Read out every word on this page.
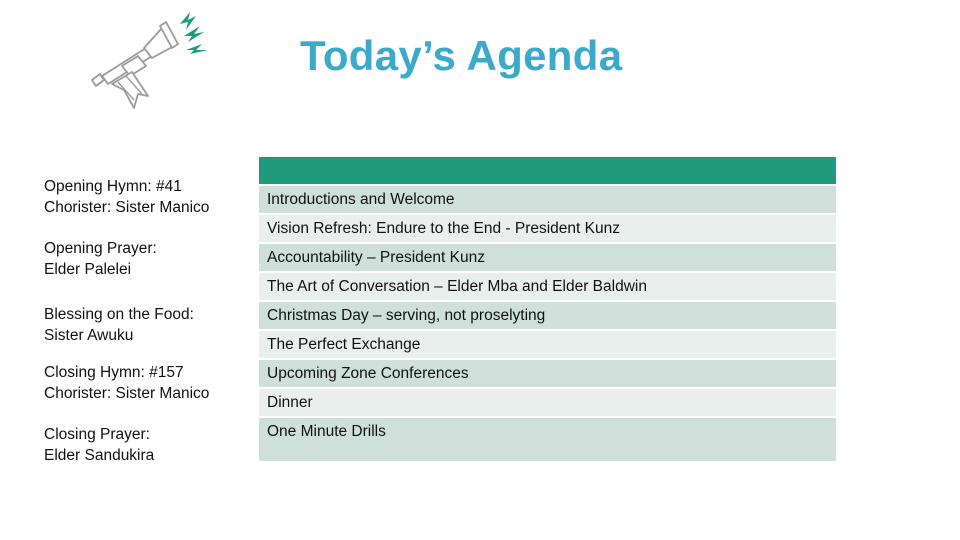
Today’s Agenda
Opening Hymn: #41
Chorister: Sister Manico
Opening Prayer:
Elder Palelei
Blessing on the Food:
Sister Awuku
Closing Hymn: #157
Chorister: Sister Manico
Closing Prayer:
Elder Sandukira
Introductions and Welcome
Vision Refresh: Endure to the End - President Kunz
Accountability – President Kunz
The Art of Conversation – Elder Mba and Elder Baldwin
Christmas Day – serving, not proselyting
The Perfect Exchange
Upcoming Zone Conferences
Dinner
One Minute Drills
